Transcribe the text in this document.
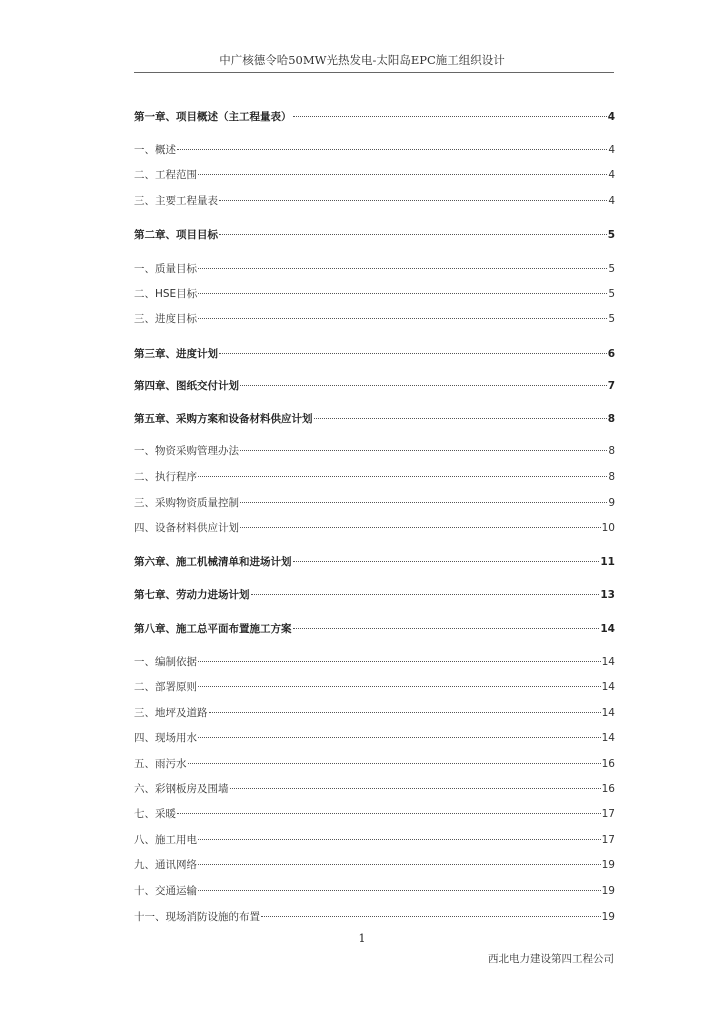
中广核德令哈50MW光热发电-太阳岛EPC施工组织设计
第一章、项目概述（主工程量表）	4
一、概述	4
二、工程范围	4
三、主要工程量表	4
第二章、项目目标	5
一、质量目标	5
二、HSE目标	5
三、进度目标	5
第三章、进度计划	6
第四章、图纸交付计划	7
第五章、采购方案和设备材料供应计划	8
一、物资采购管理办法	8
二、执行程序	8
三、采购物资质量控制	9
四、设备材料供应计划	10
第六章、施工机械清单和进场计划	11
第七章、劳动力进场计划	13
第八章、施工总平面布置施工方案	14
一、编制依据	14
二、部署原则	14
三、地坪及道路	14
四、现场用水	14
五、雨污水	16
六、彩钢板房及围墙	16
七、采暖	17
八、施工用电	17
九、通讯网络	19
十、交通运输	19
十一、现场消防设施的布置	19
1
西北电力建设第四工程公司
